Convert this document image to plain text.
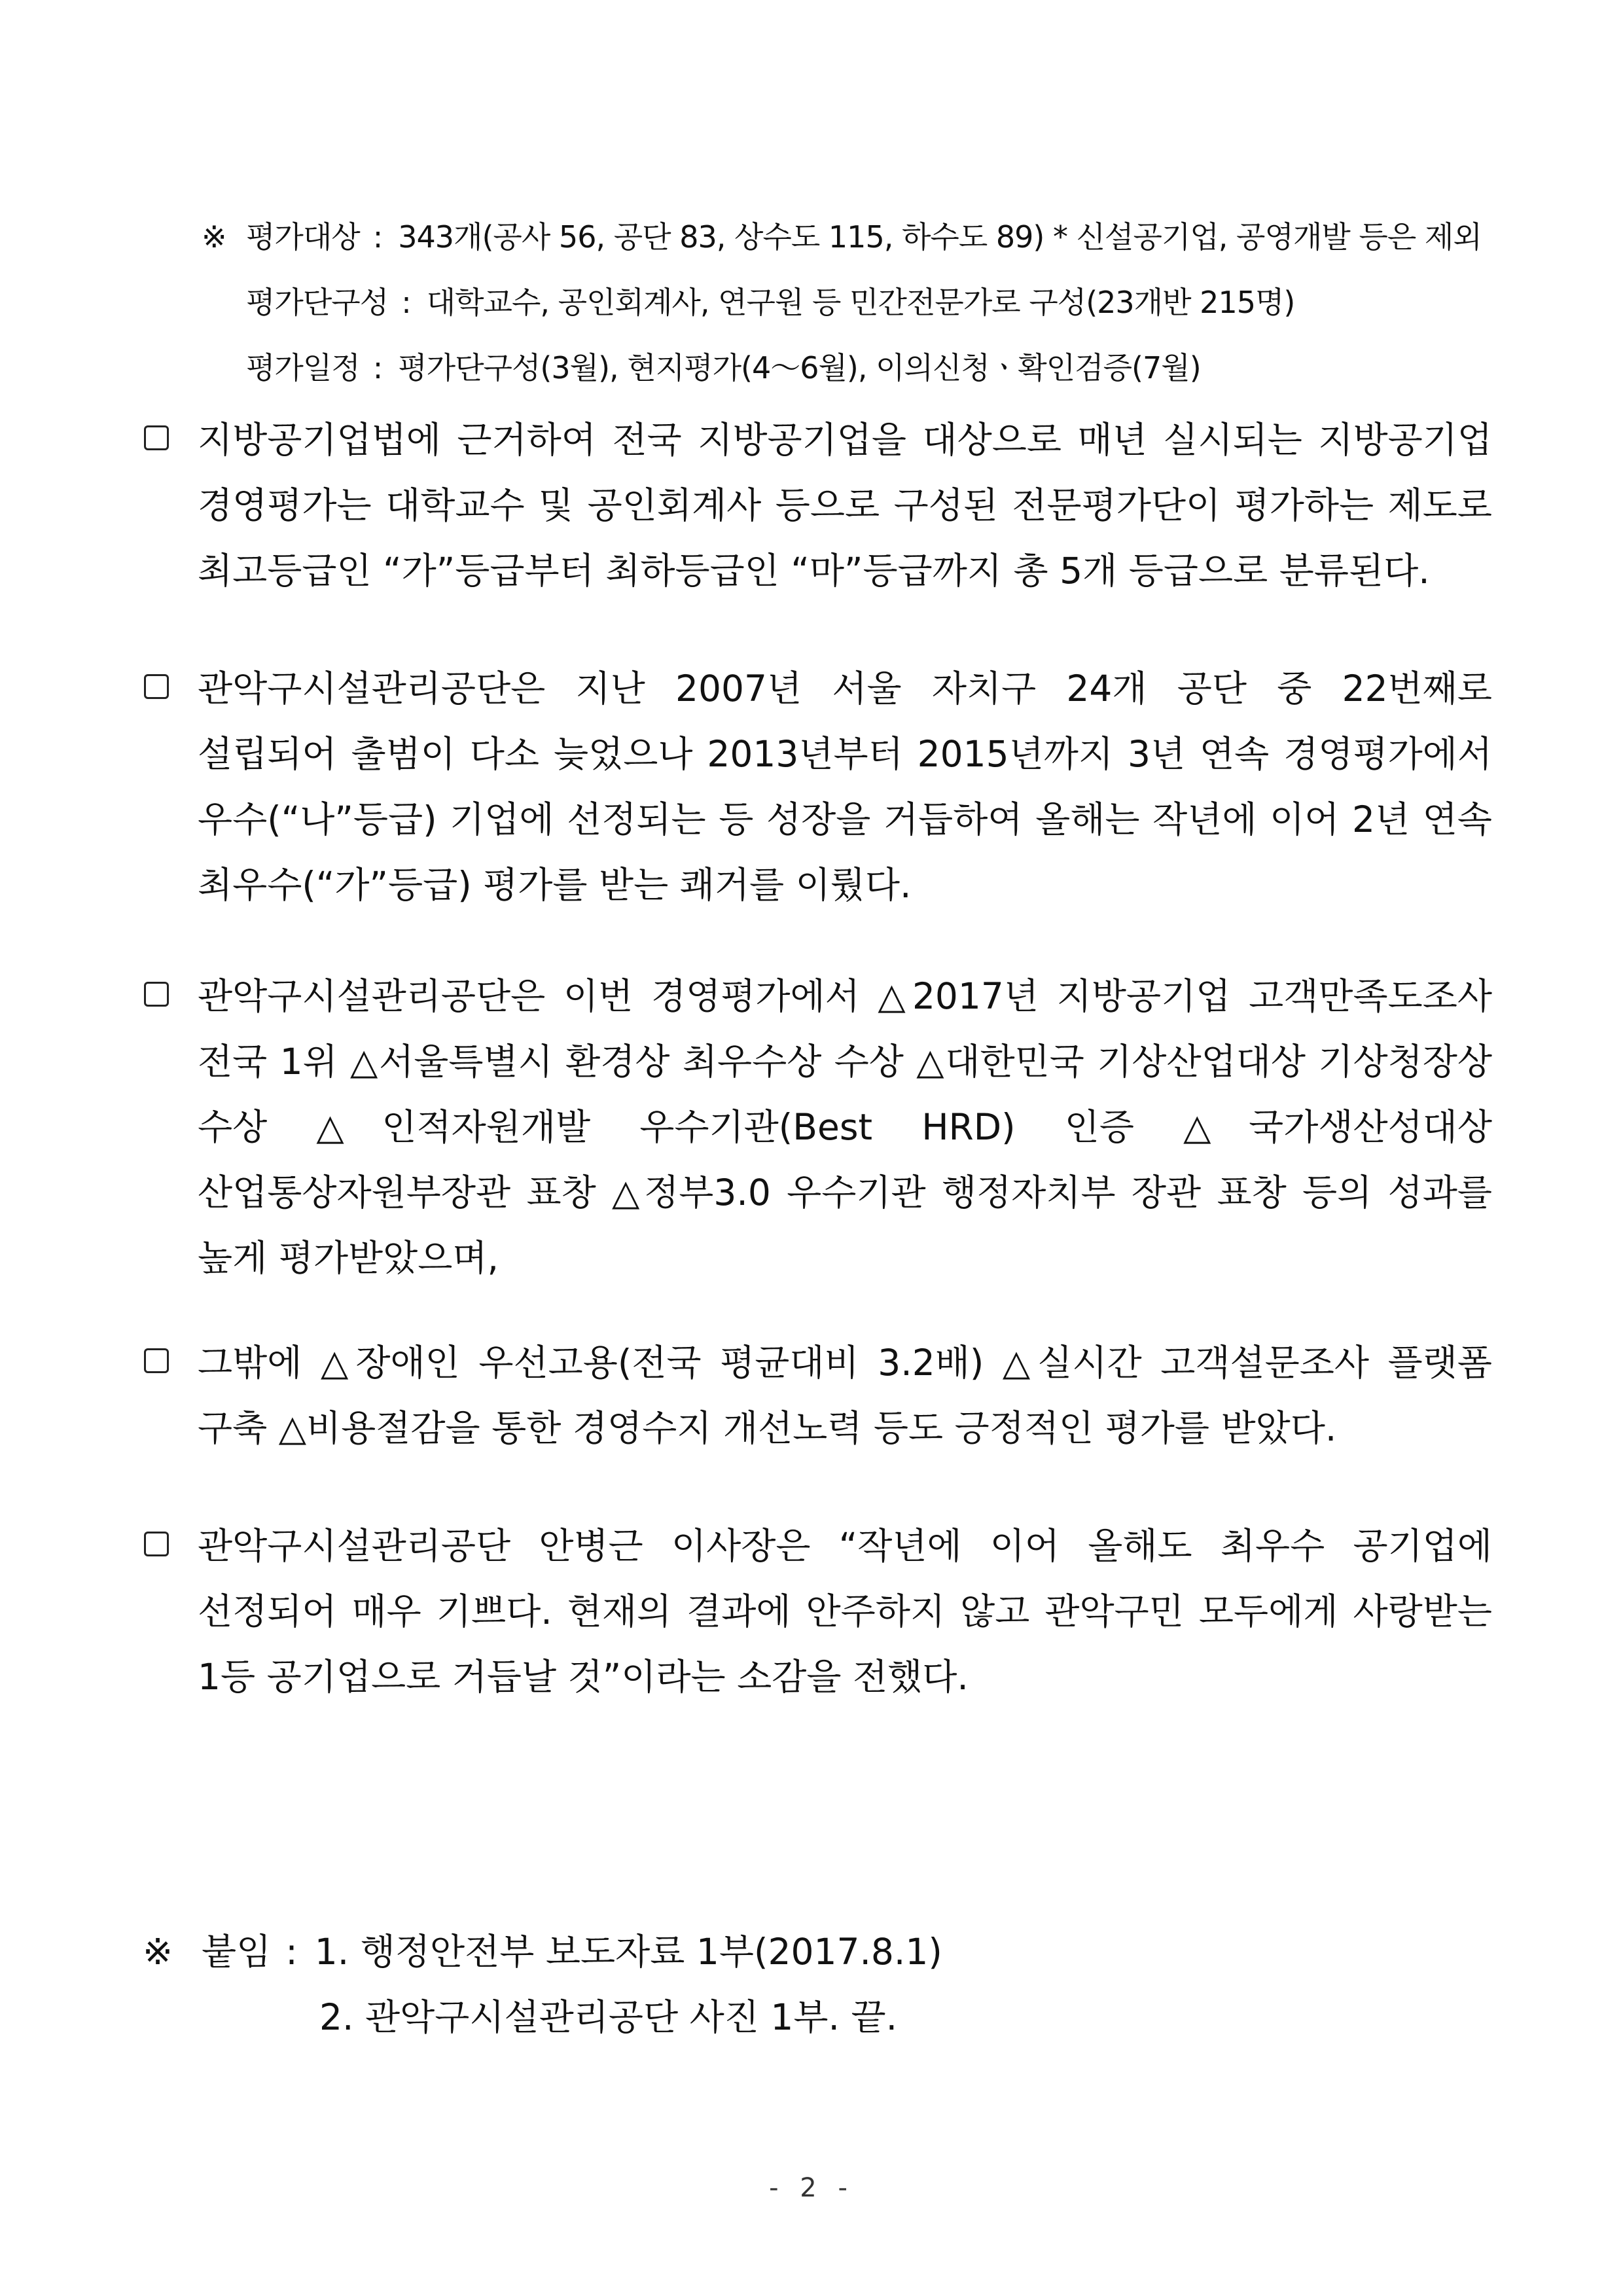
※ 평가대상 : 343개(공사 56, 공단 83, 상수도 115, 하수도 89) * 신설공기업, 공영개발 등은 제외
평가단구성 : 대학교수, 공인회계사, 연구원 등 민간전문가로 구성(23개반 215명)
평가일정 : 평가단구성(3월), 현지평가(4～6월), 이의신청ㆍ확인검증(7월)
지방공기업법에 근거하여 전국 지방공기업을 대상으로 매년 실시되는 지방공기업 경영평가는 대학교수 및 공인회계사 등으로 구성된 전문평가단이 평가하는 제도로 최고등급인 “가”등급부터 최하등급인 “마”등급까지 총 5개 등급으로 분류된다.
관악구시설관리공단은 지난 2007년 서울 자치구 24개 공단 중 22번째로 설립되어 출범이 다소 늦었으나 2013년부터 2015년까지 3년 연속 경영평가에서 우수(“나”등급) 기업에 선정되는 등 성장을 거듭하여 올해는 작년에 이어 2년 연속 최우수(“가”등급) 평가를 받는 쾌거를 이뤘다.
관악구시설관리공단은 이번 경영평가에서 △2017년 지방공기업 고객만족도조사 전국 1위 △서울특별시 환경상 최우수상 수상 △대한민국 기상산업대상 기상청장상 수상 △인적자원개발 우수기관(Best HRD) 인증 △국가생산성대상 산업통상자원부장관 표창 △정부3.0 우수기관 행정자치부 장관 표창 등의 성과를 높게 평가받았으며,
그밖에 △장애인 우선고용(전국 평균대비 3.2배) △실시간 고객설문조사 플랫폼 구축 △비용절감을 통한 경영수지 개선노력 등도 긍정적인 평가를 받았다.
관악구시설관리공단 안병근 이사장은 “작년에 이어 올해도 최우수 공기업에 선정되어 매우 기쁘다. 현재의 결과에 안주하지 않고 관악구민 모두에게 사랑받는 1등 공기업으로 거듭날 것”이라는 소감을 전했다.
※ 붙임 : 1. 행정안전부 보도자료 1부(2017.8.1)
2. 관악구시설관리공단 사진 1부. 끝.
- 2 -
